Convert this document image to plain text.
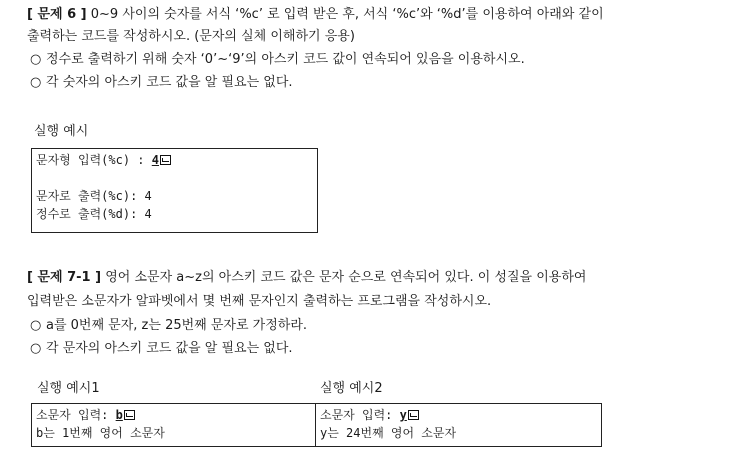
[ 문제 6 ] 0~9 사이의 숫자를 서식 ‘%c’ 로 입력 받은 후, 서식 ‘%c’와 ‘%d’를 이용하여 아래와 같이
출력하는 코드를 작성하시오. (문자의 실체 이해하기 응용)
○ 정수로 출력하기 위해 숫자 ‘0’~‘9’의 아스키 코드 값이 연속되어 있음을 이용하시오.
○ 각 숫자의 아스키 코드 값을 알 필요는 없다.
실행 예시
문자형 입력(%c) : 4
문자로 출력(%c): 4
정수로 출력(%d): 4
[ 문제 7-1 ] 영어 소문자 a~z의 아스키 코드 값은 문자 순으로 연속되어 있다. 이 성질을 이용하여
입력받은 소문자가 알파벳에서 몇 번째 문자인지 출력하는 프로그램을 작성하시오.
○ a를 0번째 문자, z는 25번째 문자로 가정하라.
○ 각 문자의 아스키 코드 값을 알 필요는 없다.
실행 예시1	실행 예시2
소문자 입력: b
b는 1번째 영어 소문자
소문자 입력: y
y는 24번째 영어 소문자
